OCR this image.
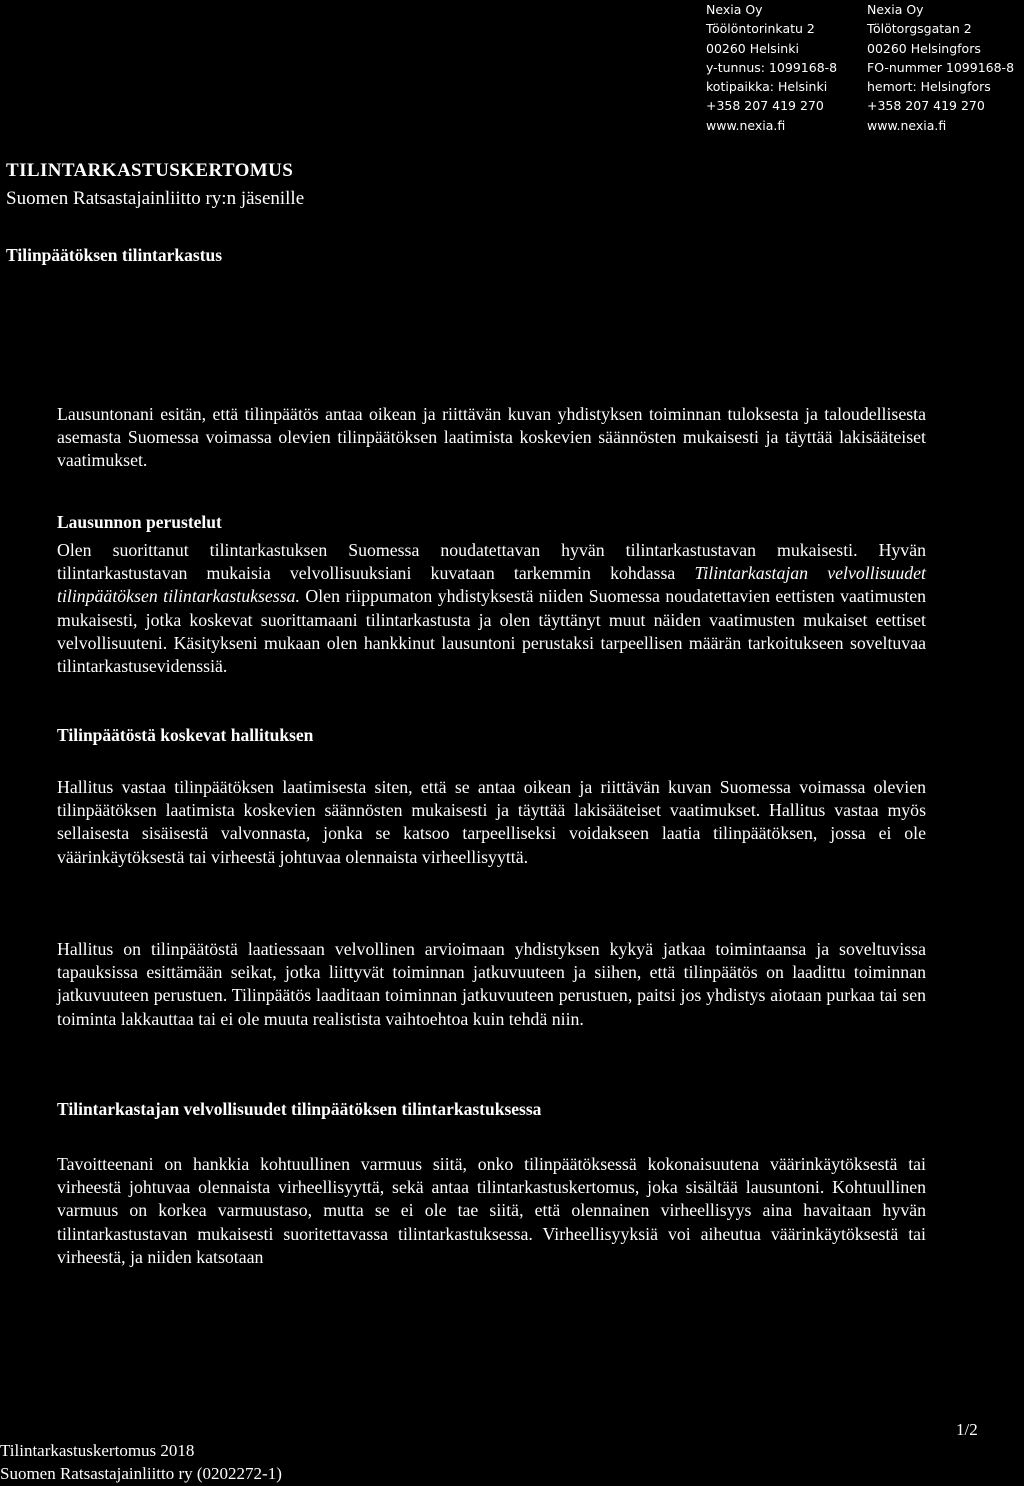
Nexia Oy
Töölöntorinkatu 2
00260 Helsinki
y-tunnus: 1099168-8
kotipaikka: Helsinki
+358 207 419 270
www.nexia.fi
Nexia Oy
Tölötorgsgatan 2
00260 Helsingfors
FO-nummer 1099168-8
hemort: Helsingfors
+358 207 419 270
www.nexia.fi
TILINTARKASTUSKERTOMUS
Suomen Ratsastajainliitto ry:n jäsenille
Tilinpäätöksen tilintarkastus

Lausuntonani esitän, että tilinpäätös antaa oikean ja riittävän kuvan yhdistyksen toiminnan tuloksesta ja taloudellisesta asemasta Suomessa voimassa olevien tilinpäätöksen laatimista koskevien säännösten mukaisesti ja täyttää lakisääteiset vaatimukset.

Lausunnon perustelut

Olen suorittanut tilintarkastuksen Suomessa noudatettavan hyvän tilintarkastustavan mukaisesti. Hyvän tilintarkastustavan mukaisia velvollisuuksiani kuvataan tarkemmin kohdassa Tilintarkastajan velvollisuudet tilinpäätöksen tilintarkastuksessa. Olen riippumaton yhdistyksestä niiden Suomessa noudatettavien eettisten vaatimusten mukaisesti, jotka koskevat suorittamaani tilintarkastusta ja olen täyttänyt muut näiden vaatimusten mukaiset eettiset velvollisuuteni. Käsitykseni mukaan olen hankkinut lausuntoni perustaksi tarpeellisen määrän tarkoitukseen soveltuvaa tilintarkastusevidenssiä.

Tilinpäätöstä koskevat hallituksen

Hallitus vastaa tilinpäätöksen laatimisesta siten, että se antaa oikean ja riittävän kuvan Suomessa voimassa olevien tilinpäätöksen laatimista koskevien säännösten mukaisesti ja täyttää lakisääteiset vaatimukset. Hallitus vastaa myös sellaisesta sisäisestä valvonnasta, jonka se katsoo tarpeelliseksi voidakseen laatia tilinpäätöksen, jossa ei ole väärinkäytöksestä tai virheestä johtuvaa olennaista virheellisyyttä.

Hallitus on tilinpäätöstä laatiessaan velvollinen arvioimaan yhdistyksen kykyä jatkaa toimintaansa ja soveltuvissa tapauksissa esittämään seikat, jotka liittyvät toiminnan jatkuvuuteen ja siihen, että tilinpäätös on laadittu toiminnan jatkuvuuteen perustuen. Tilinpäätös laaditaan toiminnan jatkuvuuteen perustuen, paitsi jos yhdistys aiotaan purkaa tai sen toiminta lakkauttaa tai ei ole muuta realistista vaihtoehtoa kuin tehdä niin.

Tilintarkastajan velvollisuudet tilinpäätöksen tilintarkastuksessa

Tavoitteenani on hankkia kohtuullinen varmuus siitä, onko tilinpäätöksessä kokonaisuutena väärinkäytöksestä tai virheestä johtuvaa olennaista virheellisyyttä, sekä antaa tilintarkastuskertomus, joka sisältää lausuntoni. Kohtuullinen varmuus on korkea varmuustaso, mutta se ei ole tae siitä, että olennainen virheellisyys aina havaitaan hyvän tilintarkastustavan mukaisesti suoritettavassa tilintarkastuksessa. Virheellisyyksiä voi aiheutua väärinkäytöksestä tai virheestä, ja niiden katsotaan

Tilintarkastuskertomus 2018
Suomen Ratsastajainliitto ry (0202272-1)
1/2
